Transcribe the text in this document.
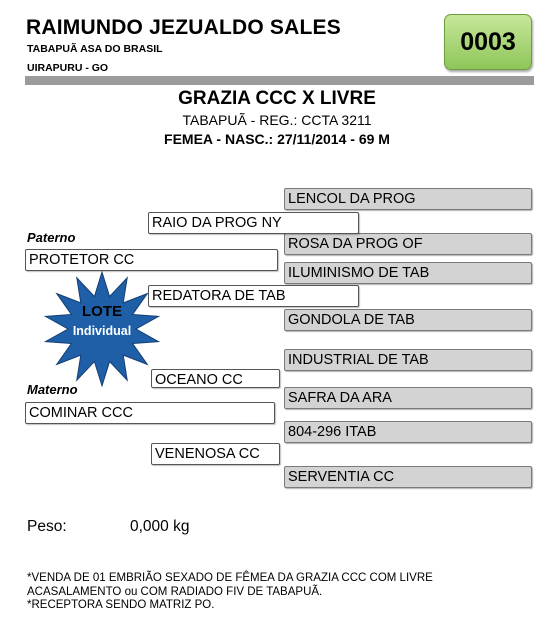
RAIMUNDO JEZUALDO SALES
TABAPUÃ ASA DO BRASIL
UIRAPURU - GO
0003
GRAZIA CCC X LIVRE
TABAPUÃ - REG.: CCTA 3211
FEMEA - NASC.: 27/11/2014 - 69 M
LENCOL DA PROG
ROSA DA PROG OF
ILUMINISMO DE TAB
GONDOLA DE TAB
INDUSTRIAL DE TAB
SAFRA DA ARA
804-296 ITAB
SERVENTIA CC
RAIO DA PROG NY
REDATORA DE TAB
OCEANO CC
VENENOSA CC
Paterno
PROTETOR CC
Materno
COMINAR CCC
LOTE
Individual
Peso:	0,000 kg
*VENDA DE 01 EMBRIÃO SEXADO DE FÊMEA DA GRAZIA CCC COM LIVRE
ACASALAMENTO ou COM RADIADO FIV DE TABAPUÃ.
*RECEPTORA SENDO MATRIZ PO.
